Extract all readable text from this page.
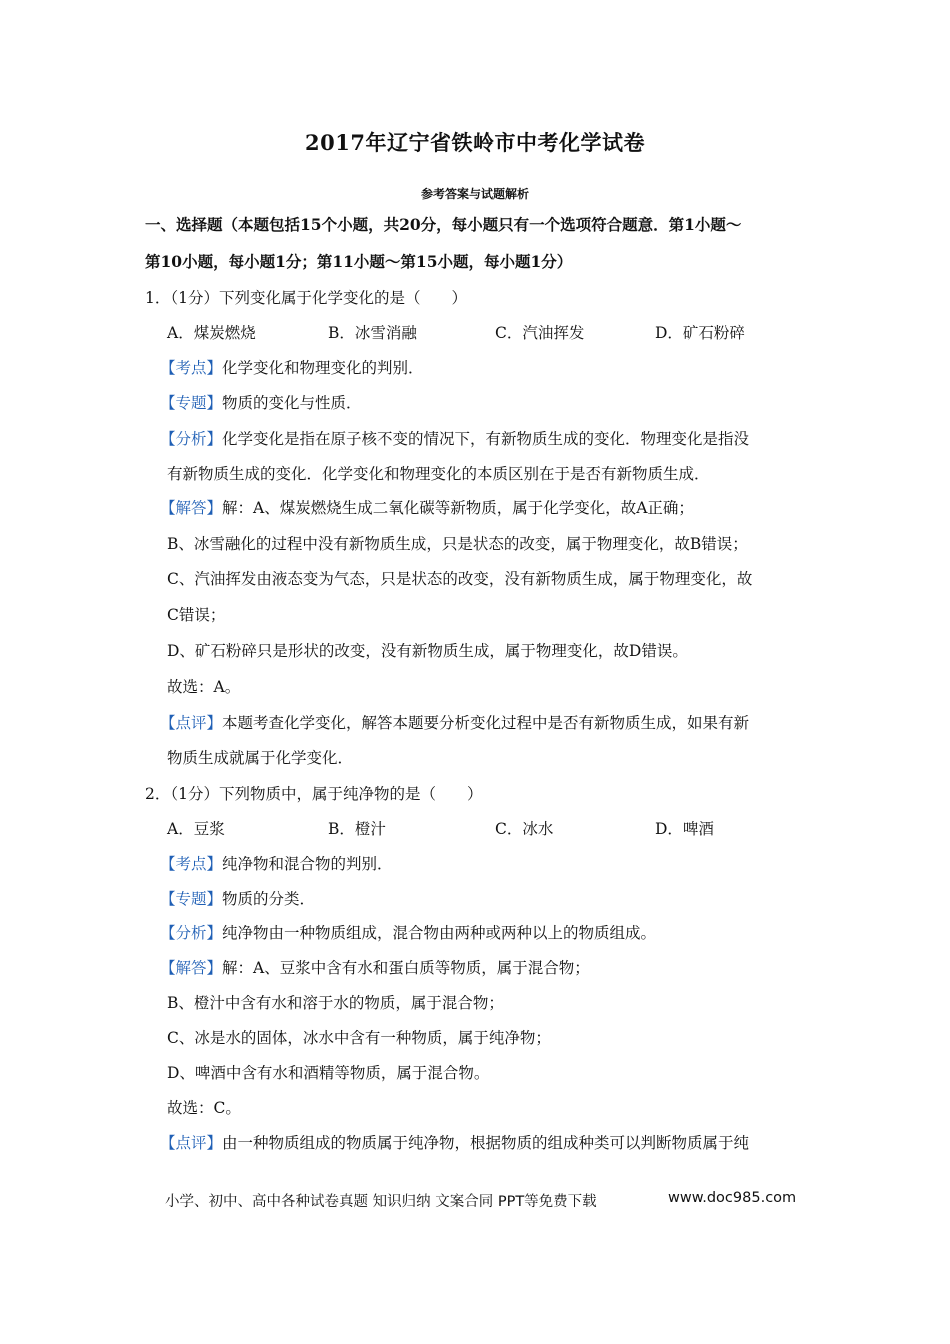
2017年辽宁省铁岭市中考化学试卷
参考答案与试题解析
一、选择题（本题包括15个小题，共20分，每小题只有一个选项符合题意．第1小题～
第10小题，每小题1分；第11小题～第15小题，每小题1分）
1．（1分）下列变化属于化学变化的是（　　）
A．煤炭燃烧	B．冰雪消融	C．汽油挥发	D．矿石粉碎
【考点】化学变化和物理变化的判别．
【专题】物质的变化与性质．
【分析】化学变化是指在原子核不变的情况下，有新物质生成的变化．物理变化是指没
有新物质生成的变化．化学变化和物理变化的本质区别在于是否有新物质生成．
【解答】解：A、煤炭燃烧生成二氧化碳等新物质，属于化学变化，故A正确；
B、冰雪融化的过程中没有新物质生成，只是状态的改变，属于物理变化，故B错误；
C、汽油挥发由液态变为气态，只是状态的改变，没有新物质生成，属于物理变化，故
C错误；
D、矿石粉碎只是形状的改变，没有新物质生成，属于物理变化，故D错误。
故选：A。
【点评】本题考查化学变化，解答本题要分析变化过程中是否有新物质生成，如果有新
物质生成就属于化学变化．
2．（1分）下列物质中，属于纯净物的是（　　）
A．豆浆	B．橙汁	C．冰水	D．啤酒
【考点】纯净物和混合物的判别．
【专题】物质的分类．
【分析】纯净物由一种物质组成，混合物由两种或两种以上的物质组成。
【解答】解：A、豆浆中含有水和蛋白质等物质，属于混合物；
B、橙汁中含有水和溶于水的物质，属于混合物；
C、冰是水的固体，冰水中含有一种物质，属于纯净物；
D、啤酒中含有水和酒精等物质，属于混合物。
故选：C。
【点评】由一种物质组成的物质属于纯净物，根据物质的组成种类可以判断物质属于纯
小学、初中、高中各种试卷真题 知识归纳 文案合同 PPT等免费下载	www.doc985.com
